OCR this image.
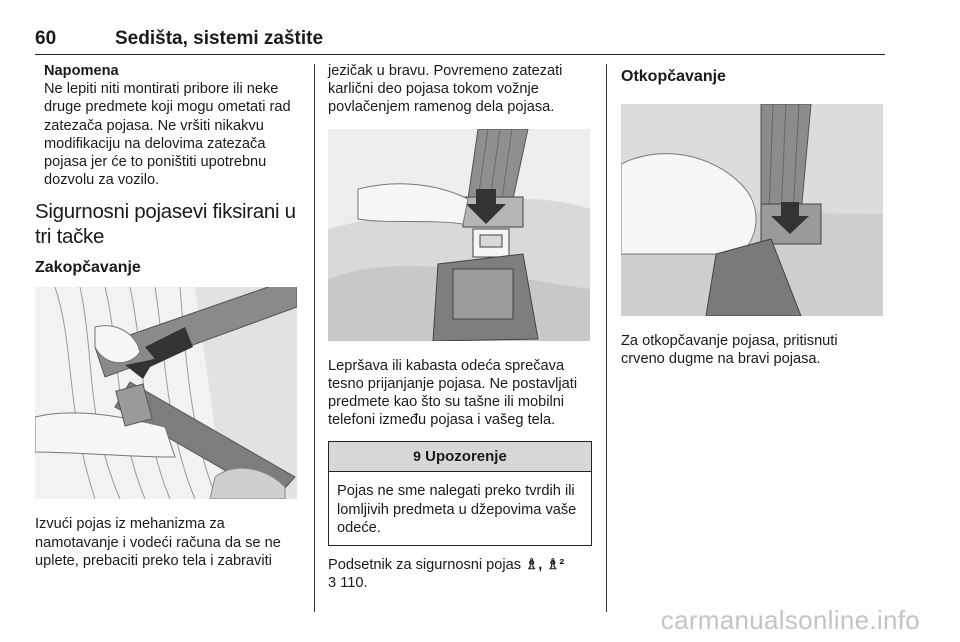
60	Sedišta, sistemi zaštite
Napomena
Ne lepiti niti montirati pribore ili neke druge predmete koji mogu ometati rad zatezača pojasa. Ne vršiti nikakvu modifikaciju na delovima zatezača pojasa jer će to poništiti upotrebnu dozvolu za vozilo.
Sigurnosni pojasevi fiksirani u tri tačke
Zakopčavanje
Izvući pojas iz mehanizma za namotavanje i vodeći računa da se ne uplete, prebaciti preko tela i zabraviti
jezičak u bravu. Povremeno zatezati karlični deo pojasa tokom vožnje povlačenjem ramenog dela pojasa.
Lepršava ili kabasta odeća sprečava tesno prijanjanje pojasa. Ne postavljati predmete kao što su tašne ili mobilni telefoni između pojasa i vašeg tela.
9 Upozorenje
Pojas ne sme nalegati preko tvrdih ili lomljivih predmeta u džepovima vaše odeće.
Podsetnik za sigurnosni pojas ♗, ♗²
3 110.
Otkopčavanje
Za otkopčavanje pojasa, pritisnuti crveno dugme na bravi pojasa.
carmanualsonline.info
